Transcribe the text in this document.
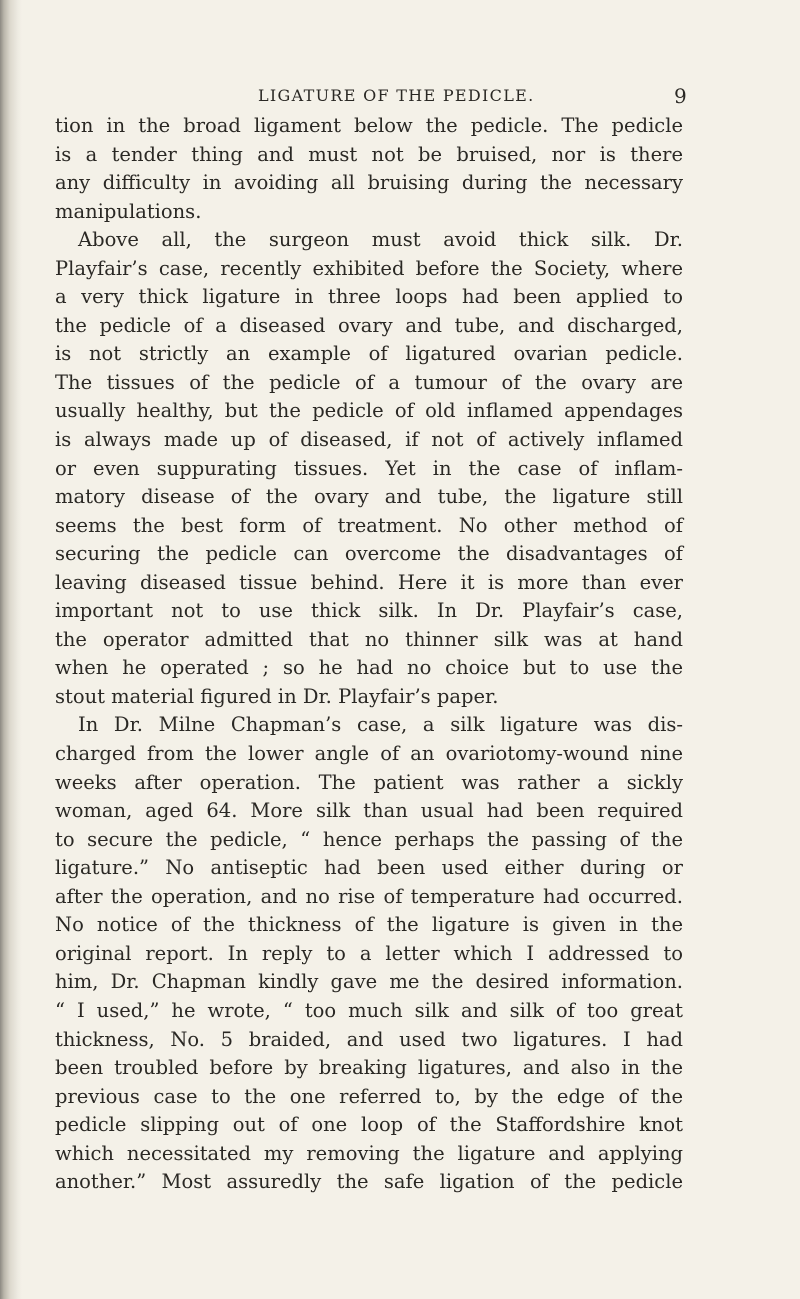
LIGATURE OF THE PEDICLE.	9
tion in the broad ligament below the pedicle. The pedicle
is a tender thing and must not be bruised, nor is there
any difficulty in avoiding all bruising during the necessary
manipulations.
Above all, the surgeon must avoid thick silk. Dr.
Playfair’s case, recently exhibited before the Society, where
a very thick ligature in three loops had been applied to
the pedicle of a diseased ovary and tube, and discharged,
is not strictly an example of ligatured ovarian pedicle.
The tissues of the pedicle of a tumour of the ovary are
usually healthy, but the pedicle of old inflamed appendages
is always made up of diseased, if not of actively inflamed
or even suppurating tissues. Yet in the case of inflam-
matory disease of the ovary and tube, the ligature still
seems the best form of treatment. No other method of
securing the pedicle can overcome the disadvantages of
leaving diseased tissue behind. Here it is more than ever
important not to use thick silk. In Dr. Playfair’s case,
the operator admitted that no thinner silk was at hand
when he operated ; so he had no choice but to use the
stout material figured in Dr. Playfair’s paper.
In Dr. Milne Chapman’s case, a silk ligature was dis-
charged from the lower angle of an ovariotomy-wound nine
weeks after operation. The patient was rather a sickly
woman, aged 64. More silk than usual had been required
to secure the pedicle, “ hence perhaps the passing of the
ligature.” No antiseptic had been used either during or
after the operation, and no rise of temperature had occurred.
No notice of the thickness of the ligature is given in the
original report. In reply to a letter which I addressed to
him, Dr. Chapman kindly gave me the desired information.
“ I used,” he wrote, “ too much silk and silk of too great
thickness, No. 5 braided, and used two ligatures. I had
been troubled before by breaking ligatures, and also in the
previous case to the one referred to, by the edge of the
pedicle slipping out of one loop of the Staffordshire knot
which necessitated my removing the ligature and applying
another.” Most assuredly the safe ligation of the pedicle
